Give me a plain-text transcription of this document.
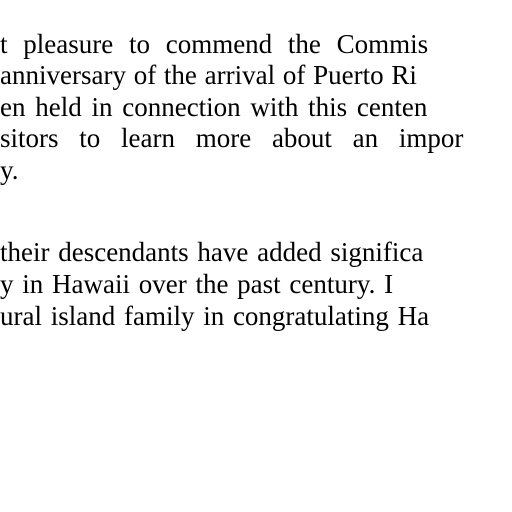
t pleasure to commend the Commis
anniversary of the arrival of Puerto Ri
en held in connection with this centen
sitors to learn more about an impor
y.
their descendants have added significa
y in Hawaii over the past century. I
ural island family in congratulating Ha
